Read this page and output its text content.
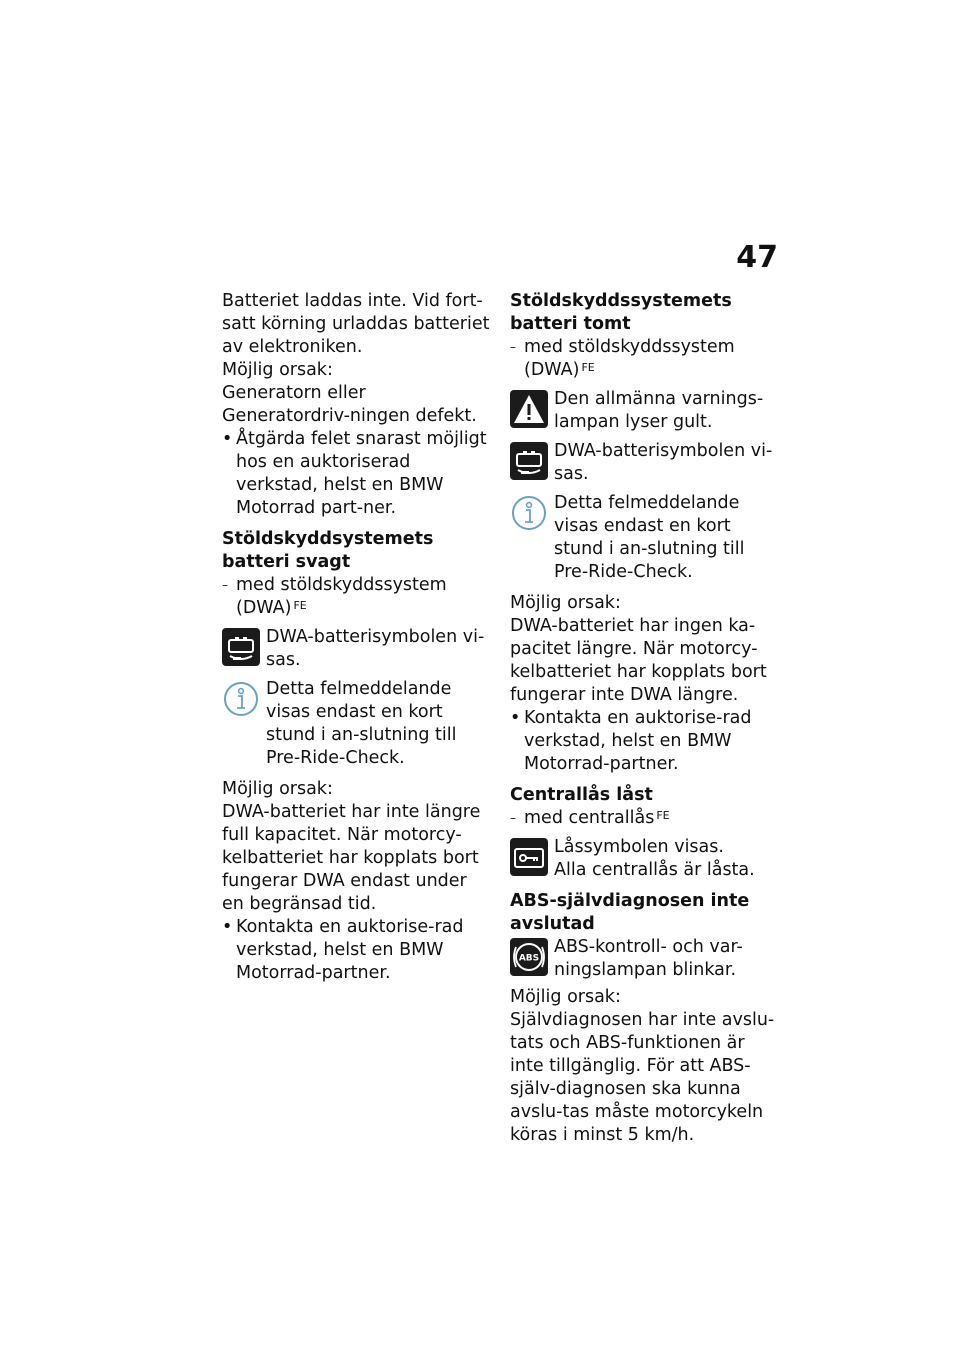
47

Batteriet laddas inte. Vid fort-satt körning urladdas batteriet av elektroniken.

Möjlig orsak:

Generatorn eller Generatordriv-ningen defekt.

• Åtgärda felet snarast möjligt hos en auktoriserad verkstad, helst en BMW Motorrad part-ner.

Stöldskyddsystemets batteri svagt

– med stöldskyddssystem (DWA) $^{FE}$

DWA-batterisymbolen vi-sas.

Detta felmeddelande visas endast en kort stund i an-slutning till Pre-Ride-Check.

Möjlig orsak:

DWA-batteriet har inte längre full kapacitet. När motorcy-kelbatteriet har kopplats bort fungerar DWA endast under en begränsad tid.

• Kontakta en auktorise-rad verkstad, helst en BMW Motorrad-partner.

Stöldskyddssystemets batteri tomt

– med stöldskyddssystem (DWA) $^{FE}$

Den allmänna varnings-lampan lyser gult.

DWA-batterisymbolen vi-sas.

Detta felmeddelande visas endast en kort stund i an-slutning till Pre-Ride-Check.

Möjlig orsak:

DWA-batteriet har ingen ka-pacitet längre. När motorcy-kelbatteriet har kopplats bort fungerar inte DWA längre.

• Kontakta en auktorise-rad verkstad, helst en BMW Motorrad-partner.

Centrallås låst

– med centrallås $^{FE}$

Låssymbolen visas.

Alla centrallås är låsta.

ABS-självdiagnosen inte avslutad
ABS

ABS-kontroll- och var-ningslampan blinkar.

Möjlig orsak:

Självdiagnosen har inte avslu-tats och ABS-funktionen är inte tillgänglig. För att ABS-själv-diagnosen ska kunna avslu-tas måste motorcykeln köras i minst 5 km/h.
